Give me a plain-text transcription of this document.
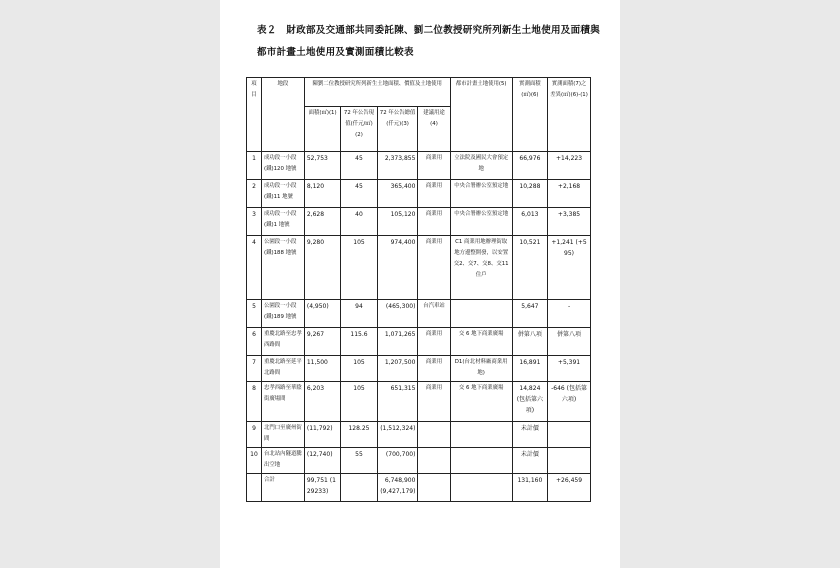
表２　財政部及交通部共同委託陳、劉二位教授研究所列新生土地使用及面積與
都市計畫土地使用及實測面積比較表
項目	地段	陳劉二位教授研究所列新生土地面積、價值及土地使用				都市計畫土地使用(5)	實測面積(㎡)(6)	實測面積(7)之差異(㎡)(6)-(1)
		面積(㎡)(1)	72 年公告現值(仟元/㎡)(2)	72 年公告總值(仟元)(3)	建議用途(4)			
1	成功段一小段(鐵)120 地號	52,753	45	2,373,855	商業用	立法院及國民大會預定地	66,976	+14,223
2	成功段一小段(鐵)11 地號	8,120	45	365,400	商業用	中央合署辦公室預定地	10,288	+2,168
3	成功段一小段(鐵)1 地號	2,628	40	105,120	商業用	中央合署辦公室預定地	6,013	+3,385
4	公園段一小段(鐵)188 地號	9,280	105	974,400	商業用	C1 商業用地辦理街取地方邊整開發，以安置交2、交7、交8、交11住戶	10,521	+1,241 (+595)
5	公園段一小段(鐵)189 地號	(4,950)	94	(465,300)	台汽車站		5,647	-
6	重慶北路至忠孝西路間	9,267	115.6	1,071,265	商業用	交 6 地下商業廣場	併第八項	併第八項
7	重慶北路至延平北路間	11,500	105	1,207,500	商業用	D1(台北材料廠商業用地)	16,891	+5,391
8	忠孝西路至華陰街廣場間	6,203	105	651,315	商業用	交 6 地下商業廣場	14,824 (包括第六項)	-646 (包括第六項)
9	北門口至廣州街間	(11,792)	128.25	(1,512,324)			未計價	
10	台北站內隧道騰出空地	(12,740)	55	(700,700)			未計價	
	合計	99,751 (129233)		6,748,900 (9,427,179)			131,160	+26,459
